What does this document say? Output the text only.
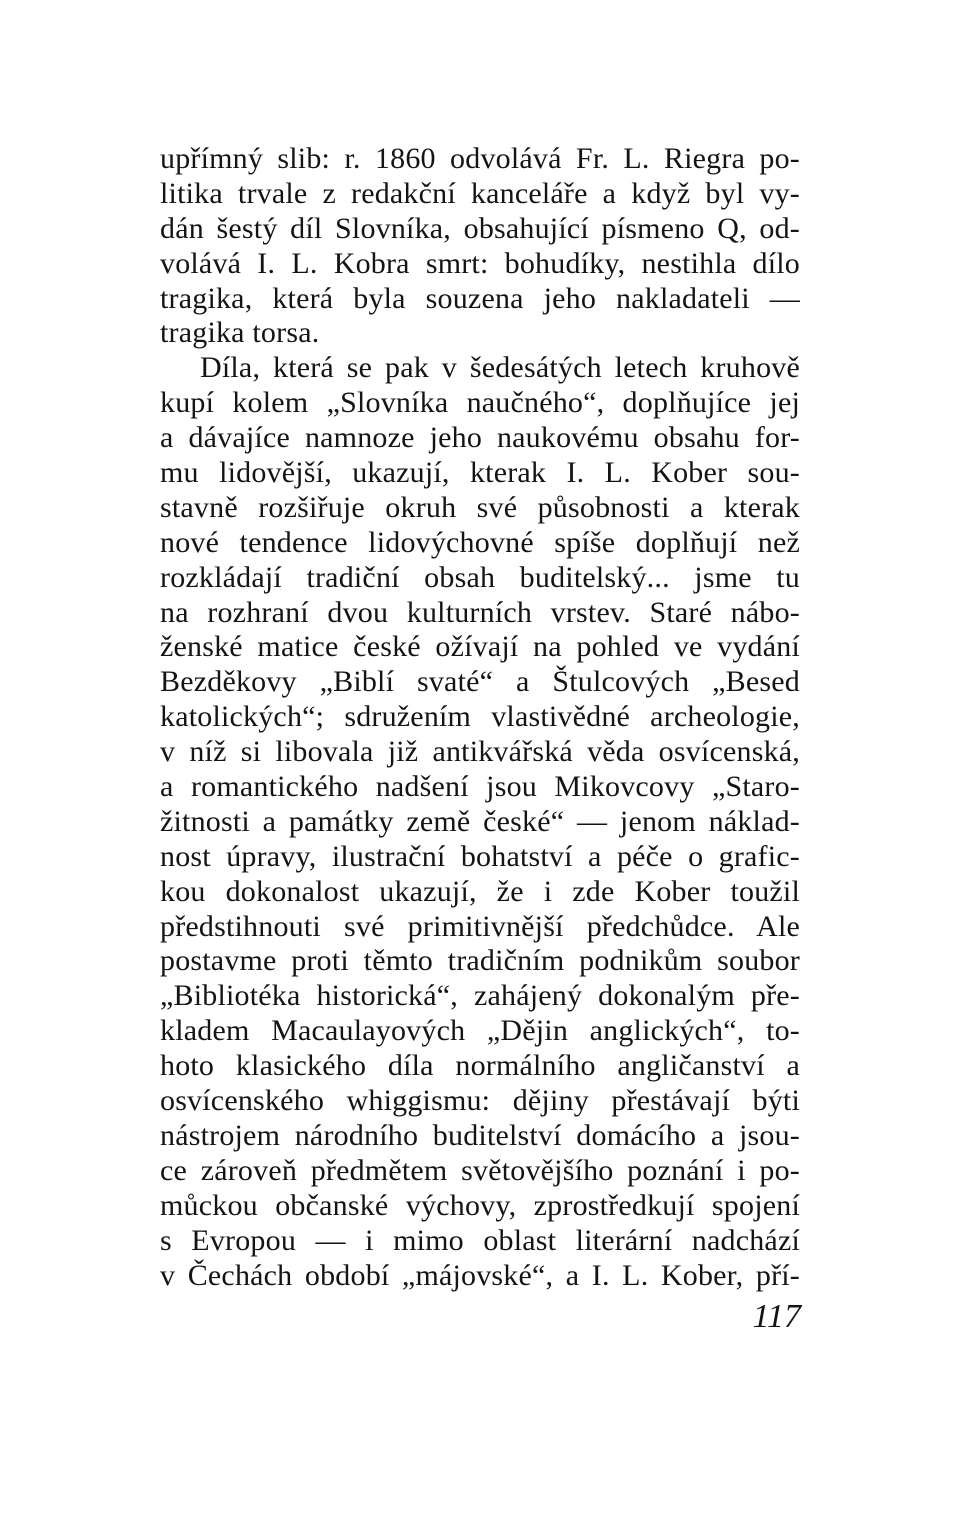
upřímný slib: r. 1860 odvolává Fr. L. Riegra po-
litika trvale z redakční kanceláře a když byl vy-
dán šestý díl Slovníka, obsahující písmeno Q, od-
volává I. L. Kobra smrt: bohudíky, nestihla dílo
tragika, která byla souzena jeho nakladateli —
tragika torsa.
Díla, která se pak v šedesátých letech kruhově
kupí kolem „Slovníka naučného“, doplňujíce jej
a dávajíce namnoze jeho naukovému obsahu for-
mu lidovější, ukazují, kterak I. L. Kober sou-
stavně rozšiřuje okruh své působnosti a kterak
nové tendence lidovýchovné spíše doplňují než
rozkládají tradiční obsah buditelský... jsme tu
na rozhraní dvou kulturních vrstev. Staré nábo-
ženské matice české ožívají na pohled ve vydání
Bezděkovy „Biblí svaté“ a Štulcových „Besed
katolických“; sdružením vlastivědné archeologie,
v níž si libovala již antikvářská věda osvícenská,
a romantického nadšení jsou Mikovcovy „Staro-
žitnosti a památky země české“ — jenom náklad-
nost úpravy, ilustrační bohatství a péče o grafic-
kou dokonalost ukazují, že i zde Kober toužil
předstihnouti své primitivnější předchůdce. Ale
postavme proti těmto tradičním podnikům soubor
„Bibliotéka historická“, zahájený dokonalým pře-
kladem Macaulayových „Dějin anglických“, to-
hoto klasického díla normálního angličanství a
osvícenského whiggismu: dějiny přestávají býti
nástrojem národního buditelství domácího a jsou-
ce zároveň předmětem světovějšího poznání i po-
můckou občanské výchovy, zprostředkují spojení
s Evropou — i mimo oblast literární nadchází
v Čechách období „májovské“, a I. L. Kober, pří-
117
